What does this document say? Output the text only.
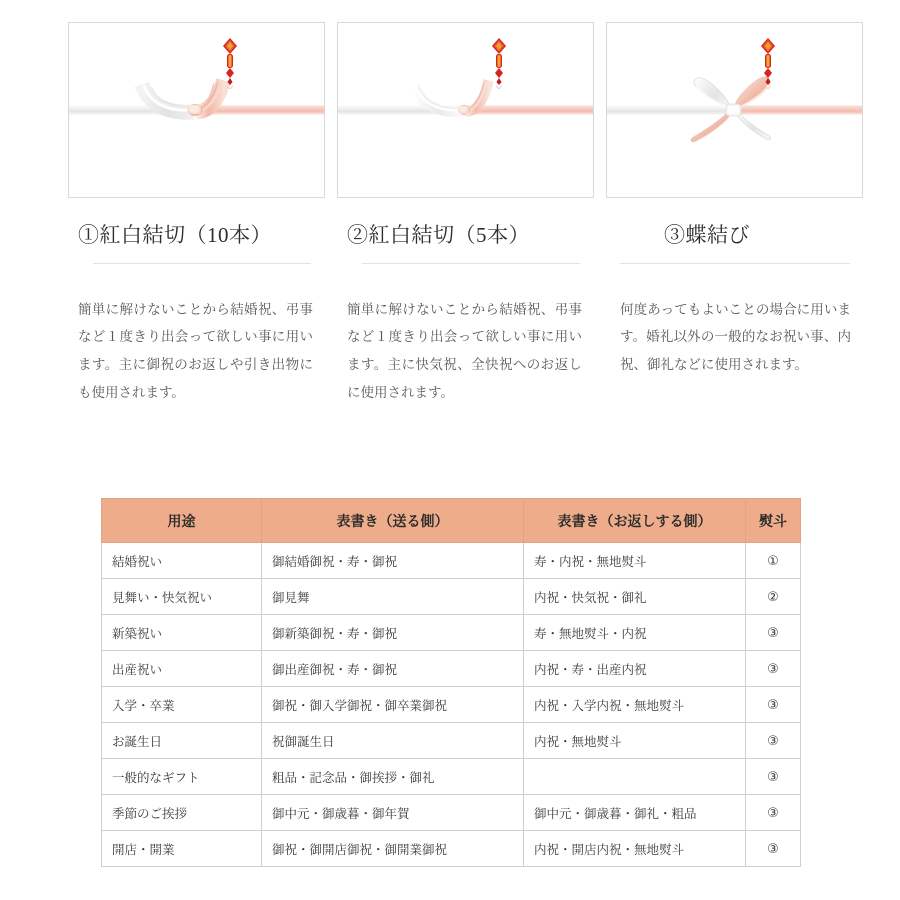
①紅白結切（10本）	②紅白結切（5本）	③蝶結び

簡単に解けないことから結婚祝、弔事など１度きり出会って欲しい事に用います。主に御祝のお返しや引き出物にも使用されます。

簡単に解けないことから結婚祝、弔事など１度きり出会って欲しい事に用います。主に快気祝、全快祝へのお返しに使用されます。

何度あってもよいことの場合に用います。婚礼以外の一般的なお祝い事、内祝、御礼などに使用されます。

用途	表書き（送る側）	表書き（お返しする側）	熨斗
結婚祝い	御結婚御祝・寿・御祝	寿・内祝・無地熨斗	①
見舞い・快気祝い	御見舞	内祝・快気祝・御礼	②
新築祝い	御新築御祝・寿・御祝	寿・無地熨斗・内祝	③
出産祝い	御出産御祝・寿・御祝	内祝・寿・出産内祝	③
入学・卒業	御祝・御入学御祝・御卒業御祝	内祝・入学内祝・無地熨斗	③
お誕生日	祝御誕生日	内祝・無地熨斗	③
一般的なギフト	粗品・記念品・御挨拶・御礼		③
季節のご挨拶	御中元・御歳暮・御年賀	御中元・御歳暮・御礼・粗品	③
開店・開業	御祝・御開店御祝・御開業御祝	内祝・開店内祝・無地熨斗	③
